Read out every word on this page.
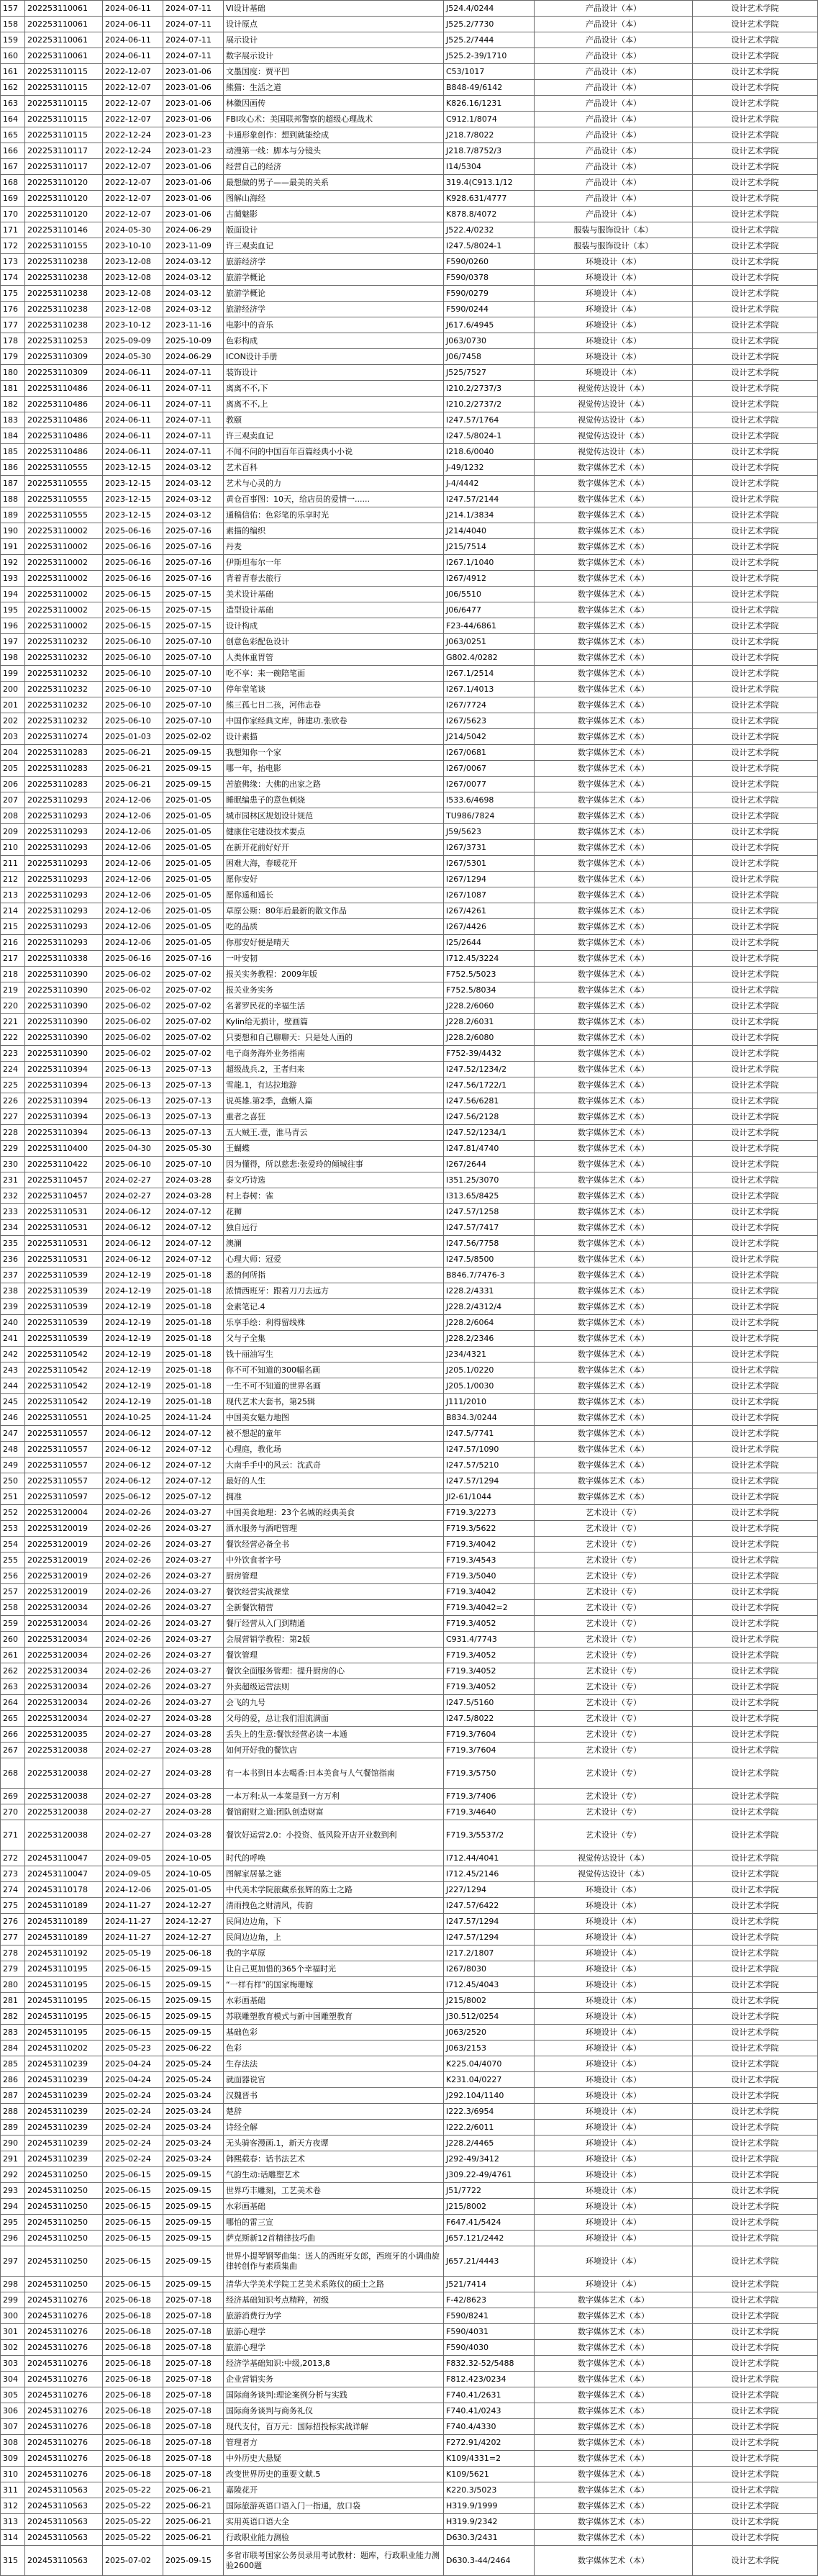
157	202253110061	2024-06-11	2024-07-11	VI设计基础	J524.4/0244	产品设计（本）	设计艺术学院
158	202253110061	2024-06-11	2024-07-11	设计原点	J525.2/7730	产品设计（本）	设计艺术学院
159	202253110061	2024-06-11	2024-07-11	展示设计	J525.2/7444	产品设计（本）	设计艺术学院
160	202253110061	2024-06-11	2024-07-11	数字展示设计	J525.2-39/1710	产品设计（本）	设计艺术学院
161	202253110115	2022-12-07	2023-01-06	文墨国度：贾平凹	C53/1017	产品设计（本）	设计艺术学院
162	202253110115	2022-12-07	2023-01-06	熊猫：生活之道	B848-49/6142	产品设计（本）	设计艺术学院
163	202253110115	2022-12-07	2023-01-06	林徽因画传	K826.16/1231	产品设计（本）	设计艺术学院
164	202253110115	2022-12-07	2023-01-06	FBI攻心术：美国联邦警察的超级心理战术	C912.1/8074	产品设计（本）	设计艺术学院
165	202253110115	2022-12-24	2023-01-23	卡通形象创作：想到就能绘成	J218.7/8022	产品设计（本）	设计艺术学院
166	202253110117	2022-12-24	2023-01-23	动漫第一线：脚本与分镜头	J218.7/8752/3	产品设计（本）	设计艺术学院
167	202253110117	2022-12-07	2023-01-06	经营自己的经济	I14/5304	产品设计（本）	设计艺术学院
168	202253110120	2022-12-07	2023-01-06	最想做的男子——最美的关系	319.4(C913.1/12	产品设计（本）	设计艺术学院
169	202253110120	2022-12-07	2023-01-06	图解山海经	K928.631/4777	产品设计（本）	设计艺术学院
170	202253110120	2022-12-07	2023-01-06	古蔺魅影	K878.8/4072	产品设计（本）	设计艺术学院
171	202253110146	2024-05-30	2024-06-29	版面设计	J522.4/0232	服装与服饰设计（本）	设计艺术学院
172	202253110155	2023-10-10	2023-11-09	许三观卖血记	I247.5/8024-1	服装与服饰设计（本）	设计艺术学院
173	202253110238	2023-12-08	2024-03-12	旅游经济学	F590/0260	环境设计（本）	设计艺术学院
174	202253110238	2023-12-08	2024-03-12	旅游学概论	F590/0378	环境设计（本）	设计艺术学院
175	202253110238	2023-12-08	2024-03-12	旅游学概论	F590/0279	环境设计（本）	设计艺术学院
176	202253110238	2023-12-08	2024-03-12	旅游经济学	F590/0244	环境设计（本）	设计艺术学院
177	202253110238	2023-10-12	2023-11-16	电影中的音乐	J617.6/4945	环境设计（本）	设计艺术学院
178	202253110253	2025-09-09	2025-10-09	色彩构成	J063/0730	环境设计（本）	设计艺术学院
179	202253110309	2024-05-30	2024-06-29	ICON设计手册	J06/7458	环境设计（本）	设计艺术学院
180	202253110309	2024-06-11	2024-07-11	装饰设计	J525/7527	环境设计（本）	设计艺术学院
181	202253110486	2024-06-11	2024-07-11	离离不不,下	I210.2/2737/3	视觉传达设计（本）	设计艺术学院
182	202253110486	2024-06-11	2024-07-11	离离不不,上	I210.2/2737/2	视觉传达设计（本）	设计艺术学院
183	202253110486	2024-06-11	2024-07-11	教颐	I247.57/1764	视觉传达设计（本）	设计艺术学院
184	202253110486	2024-06-11	2024-07-11	许三观卖血记	I247.5/8024-1	视觉传达设计（本）	设计艺术学院
185	202253110486	2024-06-11	2024-07-11	不闻不问的中国百年百篇经典小小说	I218.6/0040	视觉传达设计（本）	设计艺术学院
186	202253110555	2023-12-15	2024-03-12	艺术百科	J-49/1232	数字媒体艺术（本）	设计艺术学院
187	202253110555	2023-12-15	2024-03-12	艺术与心灵的力	J-4/4442	数字媒体艺术（本）	设计艺术学院
188	202253110555	2023-12-15	2024-03-12	黄仓百事图：10天，给店员的爱情一......	I247.57/2144	数字媒体艺术（本）	设计艺术学院
189	202253110555	2023-12-15	2024-03-12	通稿信佑：色彩笔的乐享时光	J214.1/3834	数字媒体艺术（本）	设计艺术学院
190	202253110002	2025-06-16	2025-07-16	素描的编织	J214/4040	数字媒体艺术（本）	设计艺术学院
191	202253110002	2025-06-16	2025-07-16	丹麦	J215/7514	数字媒体艺术（本）	设计艺术学院
192	202253110002	2025-06-16	2025-07-16	伊斯坦布尔一年	I267.1/1040	数字媒体艺术（本）	设计艺术学院
193	202253110002	2025-06-16	2025-07-16	背着青春去旅行	I267/4912	数字媒体艺术（本）	设计艺术学院
194	202253110002	2025-06-15	2025-07-15	美术设计基础	J06/5510	数字媒体艺术（本）	设计艺术学院
195	202253110002	2025-06-15	2025-07-15	造型设计基础	J06/6477	数字媒体艺术（本）	设计艺术学院
196	202253110002	2025-06-15	2025-07-15	设计构成	F23-44/6861	数字媒体艺术（本）	设计艺术学院
197	202253110232	2025-06-10	2025-07-10	创意色彩配色设计	J063/0251	数字媒体艺术（本）	设计艺术学院
198	202253110232	2025-06-10	2025-07-10	人类体重胃管	G802.4/0282	数字媒体艺术（本）	设计艺术学院
199	202253110232	2025-06-10	2025-07-10	吃不享：来一碗陪笔面	I267.1/2514	数字媒体艺术（本）	设计艺术学院
200	202253110232	2025-06-10	2025-07-10	停年堂笔谈	I267.1/4013	数字媒体艺术（本）	设计艺术学院
201	202253110232	2025-06-10	2025-07-10	熊三孤七日二孩，河伟志卷	I267/7724	数字媒体艺术（本）	设计艺术学院
202	202253110232	2025-06-10	2025-07-10	中国作家经典文库，韩建功.张欣卷	I267/5623	数字媒体艺术（本）	设计艺术学院
203	202253110274	2025-01-03	2025-02-02	设计素描	J214/5042	数字媒体艺术（本）	设计艺术学院
204	202253110283	2025-06-21	2025-09-15	我想知你一个家	I267/0681	数字媒体艺术（本）	设计艺术学院
205	202253110283	2025-06-21	2025-09-15	哪一年，抬电影	I267/0067	数字媒体艺术（本）	设计艺术学院
206	202253110283	2025-06-21	2025-09-15	苦旅佛缘：大佛的出家之路	I267/0077	数字媒体艺术（本）	设计艺术学院
207	202253110293	2024-12-06	2025-01-05	睡眠编患子的意色刺烧	I533.6/4698	数字媒体艺术（本）	设计艺术学院
208	202253110293	2024-12-06	2025-01-05	城市园林区规划设计规范	TU986/7824	数字媒体艺术（本）	设计艺术学院
209	202253110293	2024-12-06	2025-01-05	健康住宅建设技术要点	J59/5623	数字媒体艺术（本）	设计艺术学院
210	202253110293	2024-12-06	2025-01-05	在新开花前好好开	I267/3731	数字媒体艺术（本）	设计艺术学院
211	202253110293	2024-12-06	2025-01-05	困难大海，春暖花开	I267/5301	数字媒体艺术（本）	设计艺术学院
212	202253110293	2024-12-06	2025-01-05	愿你安好	I267/1294	数字媒体艺术（本）	设计艺术学院
213	202253110293	2024-12-06	2025-01-05	愿你遥和遥长	I267/1087	数字媒体艺术（本）	设计艺术学院
214	202253110293	2024-12-06	2025-01-05	草原公斯：80年后最新的散文作品	I267/4261	数字媒体艺术（本）	设计艺术学院
215	202253110293	2024-12-06	2025-01-05	吃的品质	I267/4426	数字媒体艺术（本）	设计艺术学院
216	202253110293	2024-12-06	2025-01-05	你那安好便是晴天	I25/2644	数字媒体艺术（本）	设计艺术学院
217	202253110338	2025-06-16	2025-07-16	一叶安韧	I712.45/3224	数字媒体艺术（本）	设计艺术学院
218	202253110390	2025-06-02	2025-07-02	报关实务教程：2009年版	F752.5/5023	数字媒体艺术（本）	设计艺术学院
219	202253110390	2025-06-02	2025-07-02	报关业务实务	F752.5/8034	数字媒体艺术（本）	设计艺术学院
220	202253110390	2025-06-02	2025-07-02	名著罗民花的幸福生活	J228.2/6060	数字媒体艺术（本）	设计艺术学院
221	202253110390	2025-06-02	2025-07-02	Kylin给无损计，壁画篇	J228.2/6031	数字媒体艺术（本）	设计艺术学院
222	202253110390	2025-06-02	2025-07-02	只要想和自己聊聊天：只是处人画的	J228.2/6080	数字媒体艺术（本）	设计艺术学院
223	202253110390	2025-06-02	2025-07-02	电子商务海外业务指南	F752-39/4432	数字媒体艺术（本）	设计艺术学院
224	202253110394	2025-06-13	2025-07-13	超级战兵.2，王者归来	I247.52/1234/2	数字媒体艺术（本）	设计艺术学院
225	202253110394	2025-06-13	2025-07-13	雪龍.1，有达拉地游	I247.56/1722/1	数字媒体艺术（本）	设计艺术学院
226	202253110394	2025-06-13	2025-07-13	说英雄.第2季，盘蜥人篇	I247.56/6281	数字媒体艺术（本）	设计艺术学院
227	202253110394	2025-06-13	2025-07-13	重者之喜狂	I247.56/2128	数字媒体艺术（本）	设计艺术学院
228	202253110394	2025-06-13	2025-07-13	五大贼王.壹，淮马青云	I247.52/1234/1	数字媒体艺术（本）	设计艺术学院
229	202253110400	2025-04-30	2025-05-30	王蝴蝶	I247.81/4740	数字媒体艺术（本）	设计艺术学院
230	202253110422	2025-06-10	2025-07-10	因为懂得，所以慈悲:张爱玲的倾城往事	I267/2644	数字媒体艺术（本）	设计艺术学院
231	202253110457	2024-02-27	2024-03-28	泰文巧诗选	I351.25/3070	数字媒体艺术（本）	设计艺术学院
232	202253110457	2024-02-27	2024-03-28	村上春树：雀	I313.65/8425	数字媒体艺术（本）	设计艺术学院
233	202253110531	2024-06-12	2024-07-12	花狮	I247.57/1258	数字媒体艺术（本）	设计艺术学院
234	202253110531	2024-06-12	2024-07-12	独自远行	I247.57/7417	数字媒体艺术（本）	设计艺术学院
235	202253110531	2024-06-12	2024-07-12	澳澜	I247.56/7758	数字媒体艺术（本）	设计艺术学院
236	202253110531	2024-06-12	2024-07-12	心理大师：冠爱	I247.5/8500	数字媒体艺术（本）	设计艺术学院
237	202253110539	2024-12-19	2025-01-18	悉的何所指	B846.7/7476-3	数字媒体艺术（本）	设计艺术学院
238	202253110539	2024-12-19	2025-01-18	浓情西班牙：跟着刀刀去远方	I228.2/4331	数字媒体艺术（本）	设计艺术学院
239	202253110539	2024-12-19	2025-01-18	金素笔记.4	J228.2/4312/4	数字媒体艺术（本）	设计艺术学院
240	202253110539	2024-12-19	2025-01-18	乐享手绘：利得留线殊	J228.2/6064	数字媒体艺术（本）	设计艺术学院
241	202253110539	2024-12-19	2025-01-18	父与子全集	J228.2/2346	数字媒体艺术（本）	设计艺术学院
242	202253110542	2024-12-19	2025-01-18	钱十丽油写生	J234/4321	数字媒体艺术（本）	设计艺术学院
243	202253110542	2024-12-19	2025-01-18	你不可不知道的300幅名画	J205.1/0220	数字媒体艺术（本）	设计艺术学院
244	202253110542	2024-12-19	2025-01-18	一生不可不知道的世界名画	J205.1/0030	数字媒体艺术（本）	设计艺术学院
245	202253110542	2024-12-19	2025-01-18	现代艺术大套书，第25辑	J111/2010	数字媒体艺术（本）	设计艺术学院
246	202253110551	2024-10-25	2024-11-24	中国美女魅力地图	B834.3/0244	数字媒体艺术（本）	设计艺术学院
247	202253110557	2024-06-12	2024-07-12	被不想起的童年	I247.5/7741	数字媒体艺术（本）	设计艺术学院
248	202253110557	2024-06-12	2024-07-12	心理庭，教化场	I247.57/1090	数字媒体艺术（本）	设计艺术学院
249	202253110557	2024-06-12	2024-07-12	大南手手中的风云：沈武奇	I247.57/5210	数字媒体艺术（本）	设计艺术学院
250	202253110557	2024-06-12	2024-07-12	最好的人生	I247.57/1294	数字媒体艺术（本）	设计艺术学院
251	202253110597	2025-06-12	2025-07-12	拥准	JI2-61/1044	数字媒体艺术（本）	设计艺术学院
252	202253120004	2024-02-26	2024-03-27	中国美食地理：23个名城的经典美食	F719.3/2273	艺术设计（专）	设计艺术学院
253	202253120019	2024-02-26	2024-03-27	酒水服务与酒吧管理	F719.3/5622	艺术设计（专）	设计艺术学院
254	202253120019	2024-02-26	2024-03-27	餐饮经营必备全书	F719.3/4042	艺术设计（专）	设计艺术学院
255	202253120019	2024-02-26	2024-03-27	中外饮食者字号	F719.3/4543	艺术设计（专）	设计艺术学院
256	202253120019	2024-02-26	2024-03-27	厨房管理	F719.3/5040	艺术设计（专）	设计艺术学院
257	202253120019	2024-02-26	2024-03-27	餐饮经营实战课堂	F719.3/4042	艺术设计（专）	设计艺术学院
258	202253120034	2024-02-26	2024-03-27	全新餐饮精营	F719.3/4042=2	艺术设计（专）	设计艺术学院
259	202253120034	2024-02-26	2024-03-27	餐厅经营从入门到精通	F719.3/4052	艺术设计（专）	设计艺术学院
260	202253120034	2024-02-26	2024-03-27	会展营销学教程：第2版	C931.4/7743	艺术设计（专）	设计艺术学院
261	202253120034	2024-02-26	2024-03-27	餐饮管理	F719.3/4052	艺术设计（专）	设计艺术学院
262	202253120034	2024-02-26	2024-03-27	餐饮全面服务管理：提升厨房的心	F719.3/4052	艺术设计（专）	设计艺术学院
263	202253120034	2024-02-26	2024-03-27	外卖超级运营法则	F719.3/4052	艺术设计（专）	设计艺术学院
264	202253120034	2024-02-26	2024-03-27	会飞的九号	I247.5/5160	艺术设计（专）	设计艺术学院
265	202253120034	2024-02-27	2024-03-28	父母的爱，总让我们泪流满面	I247.5/8022	艺术设计（专）	设计艺术学院
266	202253120035	2024-02-27	2024-03-28	丢失上的生意:餐饮经营必读一本通	F719.3/7604	艺术设计（专）	设计艺术学院
267	202253120038	2024-02-27	2024-03-28	如何开好我的餐饮店	F719.3/7604	艺术设计（专）	设计艺术学院
268	202253120038	2024-02-27	2024-03-28	有一本书到日本去喝香:日本美食与人气餐馆指南	F719.3/5750	艺术设计（专）	设计艺术学院
269	202253120038	2024-02-27	2024-03-28	一本万利:从一本菜是到一方万利	F719.3/7406	艺术设计（专）	设计艺术学院
270	202253120038	2024-02-27	2024-03-28	餐馆耐财之道:团队创造财富	F719.3/4640	艺术设计（专）	设计艺术学院
271	202253120038	2024-02-27	2024-03-28	餐饮好运营2.0：小投资、低风险开店开业数到利	F719.3/5537/2	艺术设计（专）	设计艺术学院
272	202453110047	2024-09-05	2024-10-05	时代的呼唤	I712.44/4041	视觉传达设计（本）	设计艺术学院
273	202453110047	2024-09-05	2024-10-05	图解家居暴之谜	I712.45/2146	视觉传达设计（本）	设计艺术学院
274	202453110178	2024-12-06	2025-01-05	中代美术学院旅藏系张辉的陈士之路	J227/1294	环境设计（本）	设计艺术学院
275	202453110189	2024-11-27	2024-12-27	清雨拽色之财清风，传韵	I247.57/6422	环境设计（本）	设计艺术学院
276	202453110189	2024-11-27	2024-12-27	民间边边角，下	I247.57/1294	环境设计（本）	设计艺术学院
277	202453110189	2024-11-27	2024-12-27	民间边边角，上	I247.57/1294	环境设计（本）	设计艺术学院
278	202453110192	2025-05-19	2025-06-18	我的字草原	I217.2/1807	环境设计（本）	设计艺术学院
279	202453110195	2025-06-15	2025-09-15	让自己更加惜的365个幸福时光	I267/8030	环境设计（本）	设计艺术学院
280	202453110195	2025-06-15	2025-09-15	“一样有样”的国家梅珊嫁	I712.45/4043	环境设计（本）	设计艺术学院
281	202453110195	2025-06-15	2025-09-15	水彩画基础	J215/8002	环境设计（本）	设计艺术学院
282	202453110195	2025-06-15	2025-09-15	苏联雕塑教育模式与新中国雕塑教育	J30.512/0254	环境设计（本）	设计艺术学院
283	202453110195	2025-06-15	2025-09-15	基础色彩	J063/2520	环境设计（本）	设计艺术学院
284	202453110202	2025-05-23	2025-06-22	色彩	J063/2153	环境设计（本）	设计艺术学院
285	202453110239	2025-04-24	2025-05-24	生存法法	K225.04/4070	环境设计（本）	设计艺术学院
286	202453110239	2025-04-24	2025-05-24	就面器说官	K231.04/0227	环境设计（本）	设计艺术学院
287	202453110239	2025-02-24	2025-03-24	汉魏晋书	J292.104/1140	环境设计（本）	设计艺术学院
288	202453110239	2025-02-24	2025-03-24	楚辞	I222.3/6954	环境设计（本）	设计艺术学院
289	202453110239	2025-02-24	2025-03-24	诗经全解	I222.2/6011	环境设计（本）	设计艺术学院
290	202453110239	2025-02-24	2025-03-24	无头骑客漫画.1，新天方夜谭	J228.2/4465	环境设计（本）	设计艺术学院
291	202453110239	2025-02-24	2025-03-24	韩熙载春：话书法艺术	J292-49/3412	环境设计（本）	设计艺术学院
292	202453110250	2025-06-15	2025-09-15	气韵生动:话雕塑艺术	J309.22-49/4761	环境设计（本）	设计艺术学院
293	202453110250	2025-06-15	2025-09-15	世界巧丰雕刻，工艺美术卷	J51/7722	环境设计（本）	设计艺术学院
294	202453110250	2025-06-15	2025-09-15	水彩画基础	J215/8002	环境设计（本）	设计艺术学院
295	202453110250	2025-06-15	2025-09-15	哪怕的雷三宣	F647.41/5424	环境设计（本）	设计艺术学院
296	202453110250	2025-06-15	2025-09-15	萨克斯新12首精律技巧曲	J657.121/2442	环境设计（本）	设计艺术学院
297	202453110250	2025-06-15	2025-09-15	世界小提琴钢琴曲集：送人的西班牙女郎，西班牙的小调曲旋律转创作与素质集曲	J657.21/4443	环境设计（本）	设计艺术学院
298	202453110250	2025-06-15	2025-09-15	清华大学美术学院工艺美术系陈仪的硕士之路	J521/7414	环境设计（本）	设计艺术学院
299	202453110276	2025-06-18	2025-07-18	经济基础知识考点精粹，初级	F-42/8623	数字媒体艺术（本）	设计艺术学院
300	202453110276	2025-06-18	2025-07-18	旅游消费行为学	F590/8241	数字媒体艺术（本）	设计艺术学院
301	202453110276	2025-06-18	2025-07-18	旅游心理学	F590/4031	数字媒体艺术（本）	设计艺术学院
302	202453110276	2025-06-18	2025-07-18	旅游心理学	F590/4030	数字媒体艺术（本）	设计艺术学院
303	202453110276	2025-06-18	2025-07-18	经济学基础知识:中级,2013,8	F832.32-52/5488	数字媒体艺术（本）	设计艺术学院
304	202453110276	2025-06-18	2025-07-18	企业营销实务	F812.423/0234	数字媒体艺术（本）	设计艺术学院
305	202453110276	2025-06-18	2025-07-18	国际商务谈判:理论案例分析与实践	F740.41/2631	数字媒体艺术（本）	设计艺术学院
306	202453110276	2025-06-18	2025-07-18	国际商务谈判与商务礼仪	F740.41/0243	数字媒体艺术（本）	设计艺术学院
307	202453110276	2025-06-18	2025-07-18	现代支付，百万元：国际招投标实战详解	F740.4/4330	数字媒体艺术（本）	设计艺术学院
308	202453110276	2025-06-18	2025-07-18	管理者方	F272.91/4202	数字媒体艺术（本）	设计艺术学院
309	202453110276	2025-06-18	2025-07-18	中外历史大悬疑	K109/4331=2	数字媒体艺术（本）	设计艺术学院
310	202453110276	2025-06-18	2025-07-18	改变世界历史的重要文献.5	K109/5621	数字媒体艺术（本）	设计艺术学院
311	202453110563	2025-05-22	2025-06-21	嘉陵花开	K220.3/5023	数字媒体艺术（本）	设计艺术学院
312	202453110563	2025-05-22	2025-06-21	国际旅游英语口语入门一指通，放口袋	H319.9/1999	数字媒体艺术（本）	设计艺术学院
313	202453110563	2025-05-22	2025-06-21	实用英语口语大全	H319.9/2342	数字媒体艺术（本）	设计艺术学院
314	202453110563	2025-05-22	2025-06-21	行政职业能力测验	D630.3/2431	数字媒体艺术（本）	设计艺术学院
315	202453110563	2025-07-02	2025-09-15	多省市联考国家公务员录用考试教材：题库，行政职业能力测验2600题	D630.3-44/2464	数字媒体艺术（本）	设计艺术学院
